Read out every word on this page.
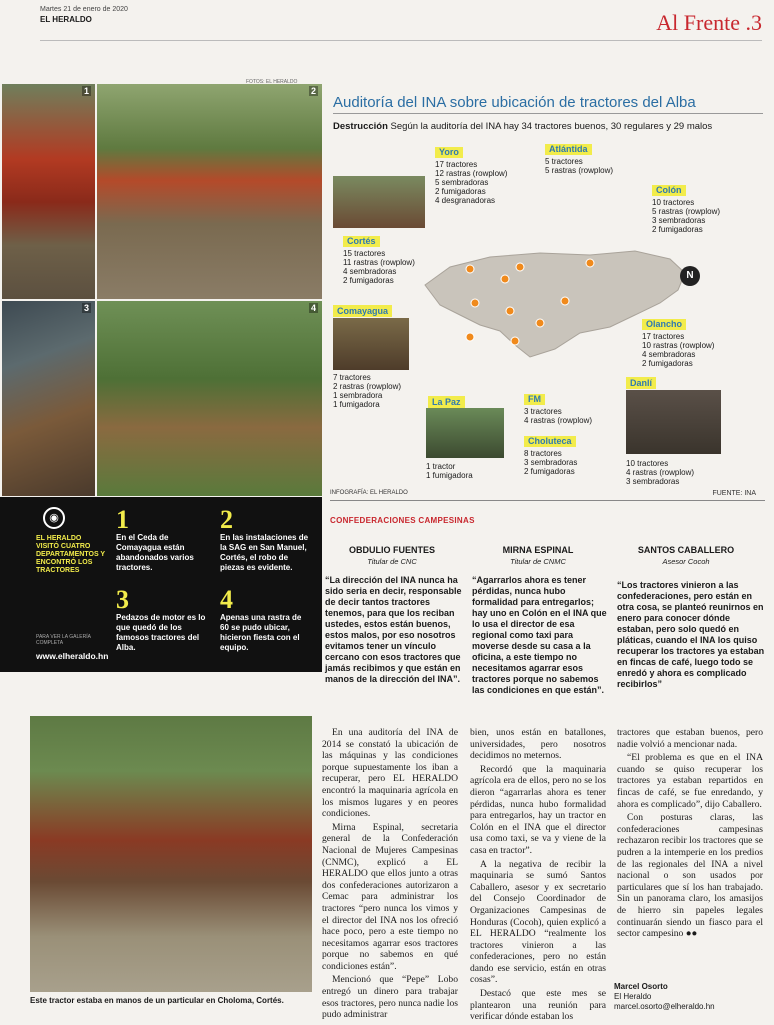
Martes 21 de enero de 2020
EL HERALDO	Al Frente .3
1	2
3	4
FOTOS: EL HERALDO
Auditoría del INA sobre ubicación de tractores del Alba
Destrucción Según la auditoría del INA hay 34 tractores buenos, 30 regulares y 29 malos
N
Yoro
17 tractores
12 rastras (rowplow)
5 sembradoras
2 fumigadoras
4 desgranadoras
Atlántida
5 tractores
5 rastras (rowplow)
Colón
10 tractores
5 rastras (rowplow)
3 sembradoras
2 fumigadoras
Cortés
15 tractores
11 rastras (rowplow)
4 sembradoras
2 fumigadoras
Comayagua
7 tractores
2 rastras (rowplow)
1 sembradora
1 fumigadora
Olancho
17 tractores
10 rastras (rowplow)
4 sembradoras
2 fumigadoras
Danlí
10 tractores
4 rastras (rowplow)
3 sembradoras
La Paz
1 tractor
1 fumigadora
FM
3 tractores
4 rastras (rowplow)
Choluteca
8 tractores
3 sembradoras
2 fumigadoras
INFOGRAFÍA: EL HERALDO	FUENTE: INA
CONFEDERACIONES CAMPESINAS
OBDULIO FUENTES
Titular de CNC
“La dirección del INA nunca ha sido seria en decir, responsable de decir tantos tractores tenemos, para que los reciban ustedes, estos están buenos, estos malos, por eso nosotros evitamos tener un vínculo cercano con esos tractores que jamás recibimos y que están en manos de la dirección del INA”.
MIRNA ESPINAL
Titular de CNMC
“Agarrarlos ahora es tener pérdidas, nunca hubo formalidad para entregarlos; hay uno en Colón en el INA que lo usa el director de esa regional como taxi para moverse desde su casa a la oficina, a este tiempo no necesitamos agarrar esos tractores porque no sabemos las condiciones en que están”.
SANTOS CABALLERO
Asesor Cocoh
“Los tractores vinieron a las confederaciones, pero están en otra cosa, se planteó reunirnos en enero para conocer dónde estaban, pero solo quedó en pláticas, cuando el INA los quiso recuperar los tractores ya estaban en fincas de café, luego todo se enredó y ahora es complicado recibirlos”
◉
EL HERALDO VISITÓ CUATRO DEPARTAMENTOS Y ENCONTRÓ LOS TRACTORES
PARA VER LA GALERÍA COMPLETA
www.elheraldo.hn
1
En el Ceda de Comayagua están abandonados varios tractores.
2
En las instalaciones de la SAG en San Manuel, Cortés, el robo de piezas es evidente.
3
Pedazos de motor es lo que quedó de los famosos tractores del Alba.
4
Apenas una rastra de 60 se pudo ubicar, hicieron fiesta con el equipo.
Este tractor estaba en manos de un particular en Choloma, Cortés.

En una auditoría del INA de 2014 se constató la ubicación de las máquinas y las condiciones porque supuestamente los iban a recuperar, pero EL HERALDO encontró la maquinaria agrícola en los mismos lugares y en peores condiciones.

Mirna Espinal, secretaria general de la Confederación Nacional de Mujeres Campesinas (CNMC), explicó a EL HERALDO que ellos junto a otras dos confederaciones autorizaron a Cemac para administrar los tractores “pero nunca los vimos y el director del INA nos los ofreció hace poco, pero a este tiempo no necesitamos agarrar esos tractores porque no sabemos en qué condiciones están”.

Mencionó que “Pepe” Lobo entregó un dinero para trabajar esos tractores, pero nunca nadie los pudo administrar

bien, unos están en batallones, universidades, pero nosotros decidimos no meternos.

Recordó que la maquinaria agrícola era de ellos, pero no se los dieron “agarrarlas ahora es tener pérdidas, nunca hubo formalidad para entregarlos, hay un tractor en Colón en el INA que el director usa como taxi, se va y viene de la casa en tractor”.

A la negativa de recibir la maquinaria se sumó Santos Caballero, asesor y ex secretario del Consejo Coordinador de Organizaciones Campesinas de Honduras (Cocoh), quien explicó a EL HERALDO “realmente los tractores vinieron a las confederaciones, pero no están dando ese servicio, están en otras cosas”.

Destacó que este mes se plantearon una reunión para verificar dónde estaban los

tractores que estaban buenos, pero nadie volvió a mencionar nada.

“El problema es que en el INA cuando se quiso recuperar los tractores ya estaban repartidos en fincas de café, se fue enredando, y ahora es complicado”, dijo Caballero.

Con posturas claras, las confederaciones campesinas rechazaron recibir los tractores que se pudren a la intemperie en los predios de las regionales del INA a nivel nacional o son usados por particulares que sí los han trabajado. Sin un panorama claro, los amasijos de hierro sin papeles legales continuarán siendo un fiasco para el sector campesino ●●

Marcel Osorto
El Heraldo
marcel.osorto@elheraldo.hn
